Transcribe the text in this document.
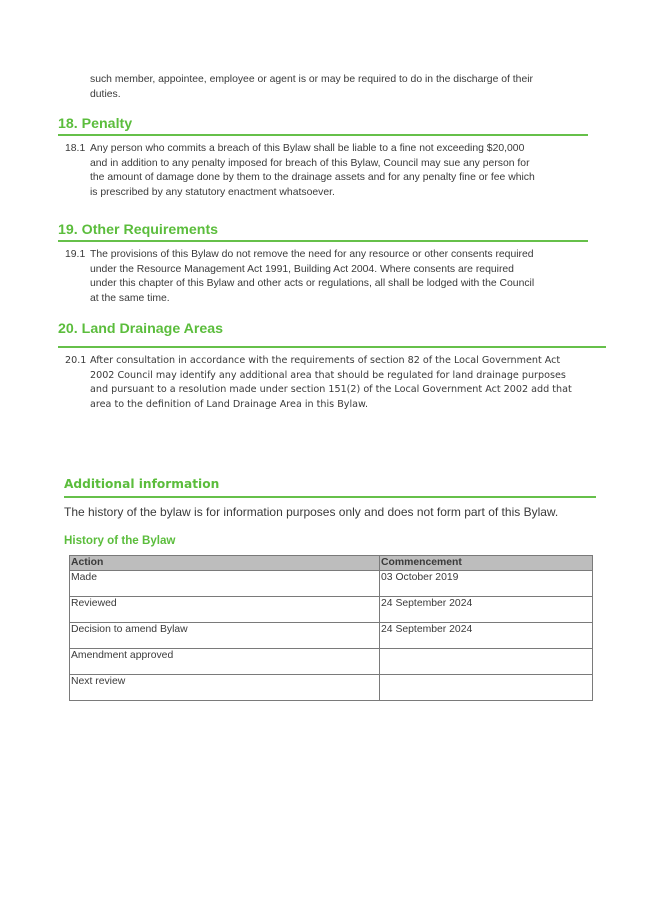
such member, appointee, employee or agent is or may be required to do in the discharge of their
duties.
18. Penalty
18.1 Any person who commits a breach of this Bylaw shall be liable to a fine not exceeding $20,000
and in addition to any penalty imposed for breach of this Bylaw, Council may sue any person for
the amount of damage done by them to the drainage assets and for any penalty fine or fee which
is prescribed by any statutory enactment whatsoever.
19. Other Requirements
19.1 The provisions of this Bylaw do not remove the need for any resource or other consents required
under the Resource Management Act 1991, Building Act 2004. Where consents are required
under this chapter of this Bylaw and other acts or regulations, all shall be lodged with the Council
at the same time.
20. Land Drainage Areas
20.1 After consultation in accordance with the requirements of section 82 of the Local Government Act
2002 Council may identify any additional area that should be regulated for land drainage purposes
and pursuant to a resolution made under section 151(2) of the Local Government Act 2002 add that
area to the definition of Land Drainage Area in this Bylaw.
Additional information
The history of the bylaw is for information purposes only and does not form part of this Bylaw.
History of the Bylaw
Action	Commencement
Made	03 October 2019
Reviewed	24 September 2024
Decision to amend Bylaw	24 September 2024
Amendment approved	
Next review	
